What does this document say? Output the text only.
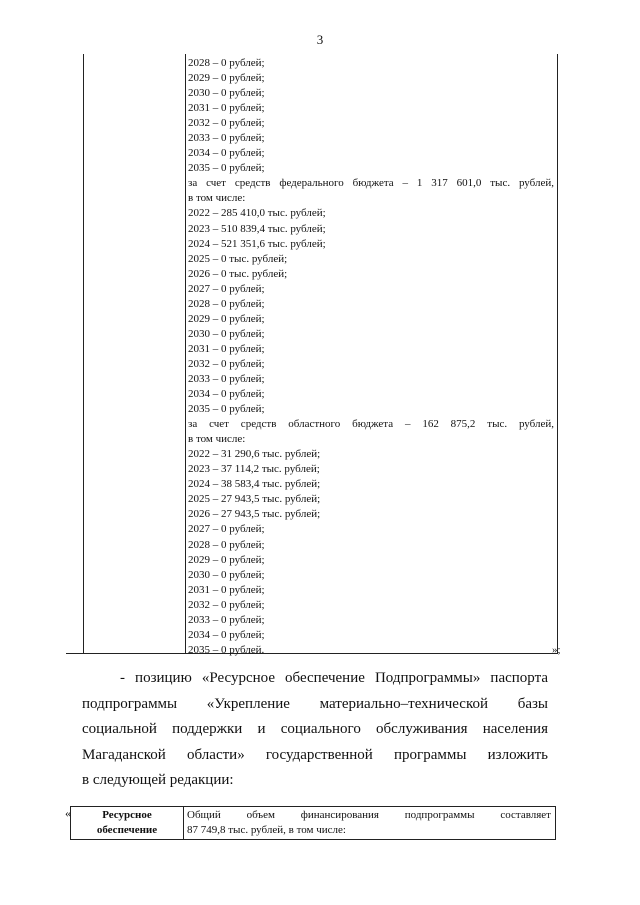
3
2028 – 0 рублей;
2029 – 0 рублей;
2030 – 0 рублей;
2031 – 0 рублей;
2032 – 0 рублей;
2033 – 0 рублей;
2034 – 0 рублей;
2035 – 0 рублей;
за счет средств федерального бюджета – 1 317 601,0 тыс. рублей,
в том числе:
2022 – 285 410,0 тыс. рублей;
2023 – 510 839,4 тыс. рублей;
2024 – 521 351,6 тыс. рублей;
2025 – 0 тыс. рублей;
2026 – 0 тыс. рублей;
2027 – 0 рублей;
2028 – 0 рублей;
2029 – 0 рублей;
2030 – 0 рублей;
2031 – 0 рублей;
2032 – 0 рублей;
2033 – 0 рублей;
2034 – 0 рублей;
2035 – 0 рублей;
за счет средств областного бюджета – 162 875,2 тыс. рублей,
в том числе:
2022 – 31 290,6 тыс. рублей;
2023 – 37 114,2 тыс. рублей;
2024 – 38 583,4 тыс. рублей;
2025 – 27 943,5 тыс. рублей;
2026 – 27 943,5 тыс. рублей;
2027 – 0 рублей;
2028 – 0 рублей;
2029 – 0 рублей;
2030 – 0 рублей;
2031 – 0 рублей;
2032 – 0 рублей;
2033 – 0 рублей;
2034 – 0 рублей;
2035 – 0 рублей.	»;
- позицию «Ресурсное обеспечение Подпрограммы» паспорта
подпрограммы «Укрепление материально–технической базы
социальной поддержки и социального обслуживания населения
Магаданской области» государственной программы изложить
в следующей редакции:
«	Ресурсное
обеспечение
Общий объем финансирования подпрограммы составляет
87 749,8 тыс. рублей, в том числе:
